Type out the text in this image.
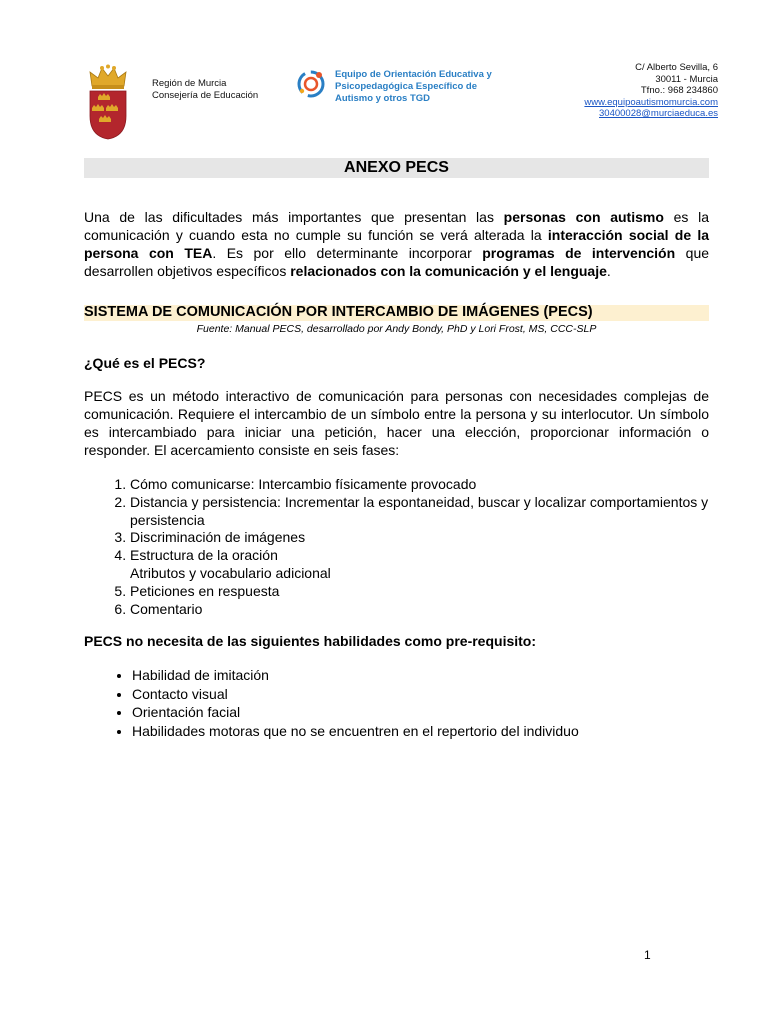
Región de Murcia
Consejería de Educación
Equipo de Orientación Educativa y
Psicopedagógica Específico de
Autismo y otros TGD
C/ Alberto Sevilla, 6
30011 - Murcia
Tfno.: 968 234860
www.equipoautismomurcia.com
30400028@murciaeduca.es
ANEXO PECS
Una de las dificultades más importantes que presentan las personas con autismo es la comunicación y cuando esta no cumple su función se verá alterada la interacción social de la persona con TEA. Es por ello determinante incorporar programas de intervención que desarrollen objetivos específicos relacionados con la comunicación y el lenguaje.
SISTEMA DE COMUNICACIÓN POR INTERCAMBIO DE IMÁGENES (PECS)
Fuente: Manual PECS, desarrollado por Andy Bondy, PhD y Lori Frost, MS, CCC-SLP
¿Qué es el PECS?
PECS es un método interactivo de comunicación para personas con necesidades complejas de comunicación. Requiere el intercambio de un símbolo entre la persona y su interlocutor. Un símbolo es intercambiado para iniciar una petición, hacer una elección, proporcionar información o responder. El acercamiento consiste en seis fases:
1. Cómo comunicarse: Intercambio físicamente provocado
2. Distancia y persistencia: Incrementar la espontaneidad, buscar y localizar comportamientos y persistencia
3. Discriminación de imágenes
4. Estructura de la oración
Atributos y vocabulario adicional
5. Peticiones en respuesta
6. Comentario
PECS no necesita de las siguientes habilidades como pre-requisito:
• Habilidad de imitación
• Contacto visual
• Orientación facial
• Habilidades motoras que no se encuentren en el repertorio del individuo
1
